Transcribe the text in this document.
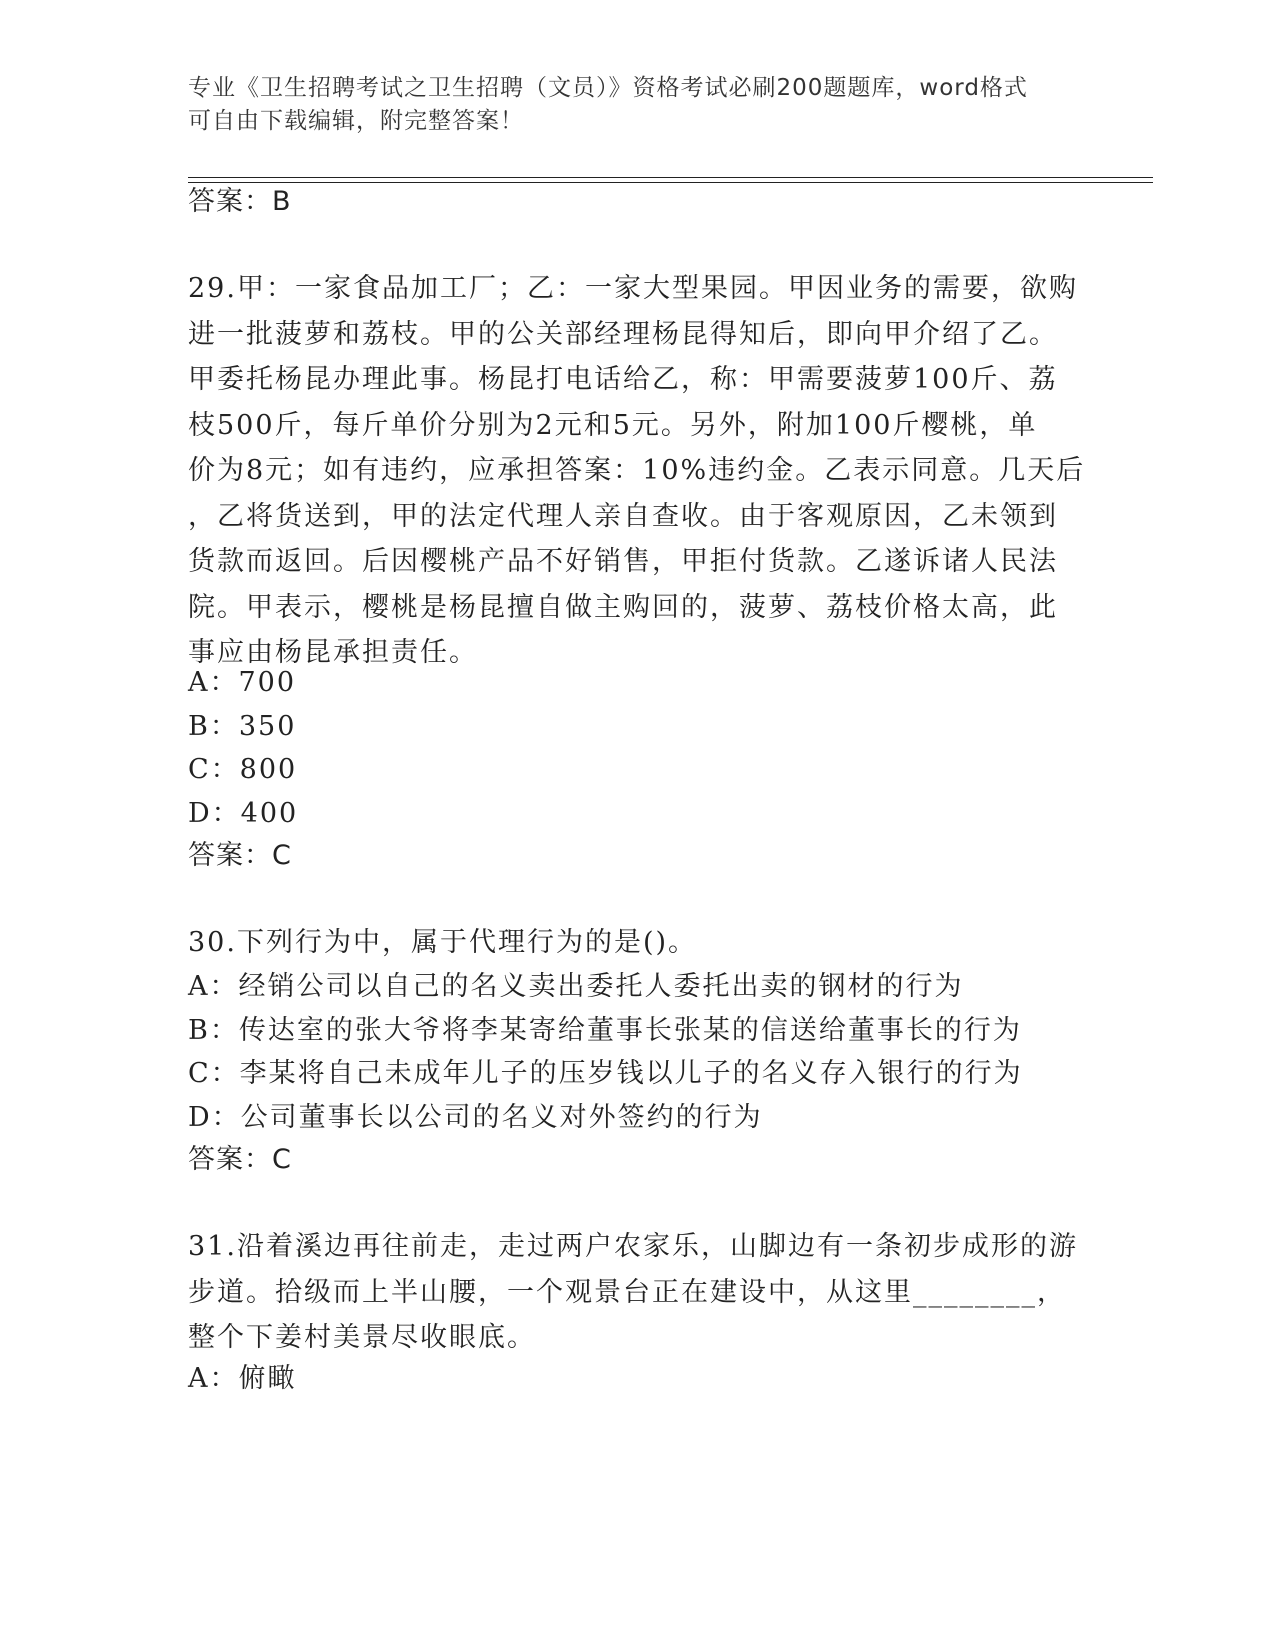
专业《卫生招聘考试之卫生招聘（文员）》资格考试必刷200题题库，word格式
可自由下载编辑，附完整答案！
答案：B
29.甲：一家食品加工厂；乙：一家大型果园。甲因业务的需要，欲购
进一批菠萝和荔枝。甲的公关部经理杨昆得知后，即向甲介绍了乙。
甲委托杨昆办理此事。杨昆打电话给乙，称：甲需要菠萝100斤、荔
枝500斤，每斤单价分别为2元和5元。另外，附加100斤樱桃，单
价为8元；如有违约，应承担答案：10%违约金。乙表示同意。几天后
，乙将货送到，甲的法定代理人亲自查收。由于客观原因，乙未领到
货款而返回。后因樱桃产品不好销售，甲拒付货款。乙遂诉诸人民法
院。甲表示，樱桃是杨昆擅自做主购回的，菠萝、荔枝价格太高，此
事应由杨昆承担责任。
A：700
B：350
C：800
D：400
答案：C
30.下列行为中，属于代理行为的是()。
A：经销公司以自己的名义卖出委托人委托出卖的钢材的行为
B：传达室的张大爷将李某寄给董事长张某的信送给董事长的行为
C：李某将自己未成年儿子的压岁钱以儿子的名义存入银行的行为
D：公司董事长以公司的名义对外签约的行为
答案：C
31.沿着溪边再往前走，走过两户农家乐，山脚边有一条初步成形的游
步道。拾级而上半山腰，一个观景台正在建设中，从这里________，
整个下姜村美景尽收眼底。
A：俯瞰
